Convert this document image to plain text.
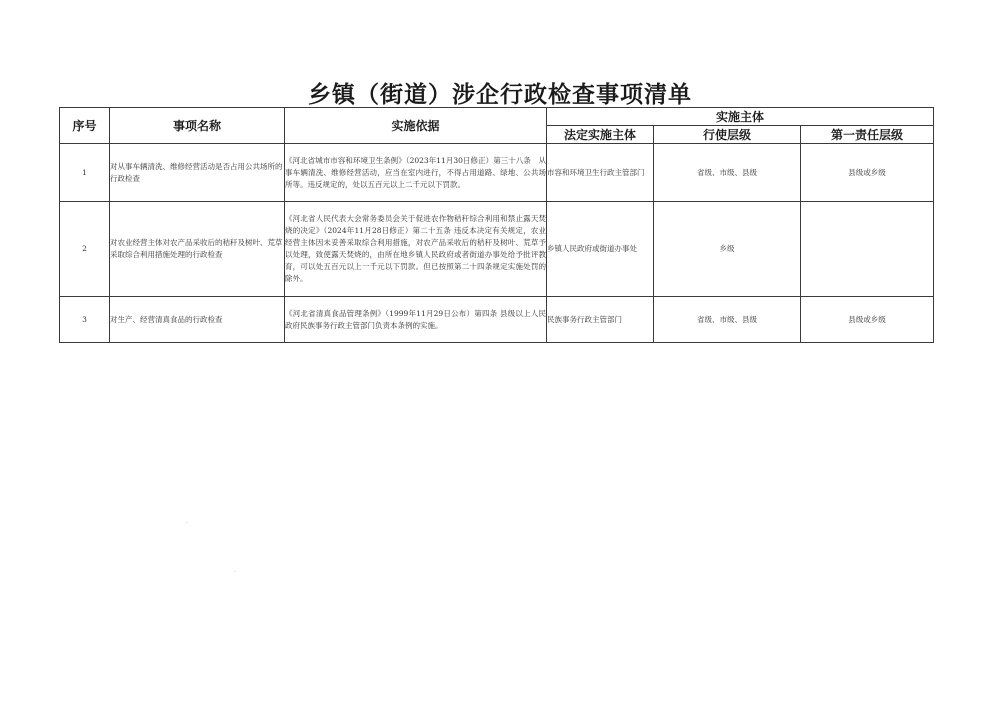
乡镇（街道）涉企行政检查事项清单
序号	事项名称	实施依据	实施主体		
			法定实施主体	行使层级	第一责任层级
1	对从事车辆清洗、维修经营活动是否占用公共场所的行政检查	《河北省城市市容和环境卫生条例》（2023年11月30日修正）第三十八条　从事车辆清洗、维修经营活动，应当在室内进行，不得占用道路、绿地、公共场所等。违反规定的，处以五百元以上二千元以下罚款。	市容和环境卫生行政主管部门	省级、市级、县级	县级或乡级
2	对农业经营主体对农产品采收后的秸秆及树叶、荒草采取综合利用措施处理的行政检查	《河北省人民代表大会常务委员会关于促进农作物秸秆综合利用和禁止露天焚烧的决定》（2024年11月28日修正）第二十五条 违反本决定有关规定，农业经营主体因未妥善采取综合利用措施，对农产品采收后的秸秆及树叶、荒草予以处理，致使露天焚烧的，由所在地乡镇人民政府或者街道办事处给予批评教育，可以处五百元以上一千元以下罚款。但已按照第二十四条规定实施处罚的除外。	乡镇人民政府或街道办事处	乡级	
3	对生产、经营清真食品的行政检查	《河北省清真食品管理条例》（1999年11月29日公布）第四条 县级以上人民政府民族事务行政主管部门负责本条例的实施。	民族事务行政主管部门	省级、市级、县级	县级或乡级
·
·
